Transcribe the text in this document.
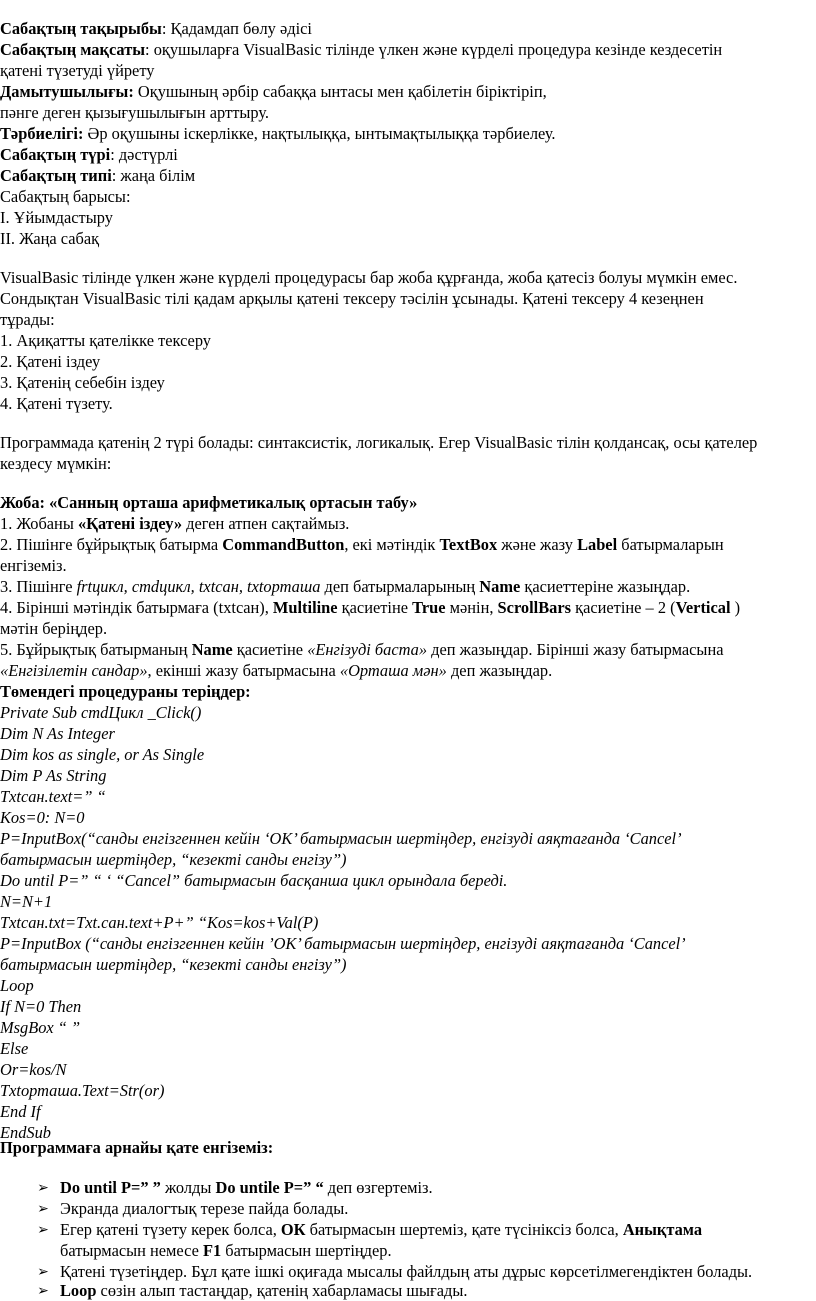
Сабақтың тақырыбы: Қадамдап бөлу әдісі
Сабақтың мақсаты: оқушыларға VisualBasic тілінде үлкен және күрделі процедура кезінде кездесетін
қатені түзетуді үйрету
Дамытушылығы: Оқушының әрбір сабаққа ынтасы мен қабілетін біріктіріп,
пәнге деген қызығушылығын арттыру.
Тәрбиелігі: Әр оқушыны іскерлікке, нақтылыққа, ынтымақтылыққа тәрбиелеу.
Сабақтың түрі: дәстүрлі
Сабақтың типі: жаңа білім
Сабақтың барысы:
І. Ұйымдастыру
ІІ. Жаңа сабақ
VisualBasic тілінде үлкен және күрделі процедурасы бар жоба құрғанда, жоба қатесіз болуы мүмкін емес.
Сондықтан VisualBasic тілі қадам арқылы қатені тексеру тәсілін ұсынады. Қатені тексеру 4 кезеңнен
тұрады:
1. Ақиқатты қателікке тексеру
2. Қатені іздеу
3. Қатенің себебін іздеу
4. Қатені түзету.
Программада қатенің 2 түрі болады: синтаксистік, логикалық. Егер VisualBasic тілін қолдансақ, осы қателер
кездесу мүмкін:
Жоба: «Санның орташа арифметикалық ортасын табу»
1. Жобаны «Қатені іздеу» деген атпен сақтаймыз.
2. Пішінге бұйрықтық батырма CommandButton, екі мәтіндік TextBox және жазу Label батырмаларын
енгіземіз.
3. Пішінге frtцикл, cmdцикл, txtcан, txtорташа деп батырмаларының Name қасиеттеріне жазыңдар.
4. Бірінші мәтіндік батырмаға (txtcан), Multiline қасиетіне True мәнін, ScrollBars қасиетіне – 2 (Vertical )
мәтін беріңдер.
5. Бұйрықтық батырманың Name қасиетіне «Енгізуді баста» деп жазыңдар. Бірінші жазу батырмасына
«Енгізілетін сандар», екінші жазу батырмасына «Орташа мән» деп жазыңдар.
Төмендегі процедураны теріңдер:
Private Sub cmdЦикл _Click()
Dim N As Integer
Dim kos as single, or As Single
Dim P As String
Txtcан.text=” “
Kos=0: N=0
P=InputBox(“санды енгізгеннен кейін ‘OK’ батырмасын шертіңдер, енгізуді аяқтағанда ‘Cancel’
батырмасын шертіңдер, “кезекті санды енгізу”)
Do until P=” “ ‘ “Cancel” батырмасын басқанша цикл орындала береді.
N=N+1
Txtcан.txt=Txt.cан.text+P+” “Kos=kos+Val(P)
P=InputBox (“санды енгізгеннен кейін ’OK’ батырмасын шертіңдер, енгізуді аяқтағанда ‘Cancel’
батырмасын шертіңдер, “кезекті санды енгізу”)
Loop
If N=0 Then
MsgBox “ ”
Else
Or=kos/N
Txtорташа.Text=Str(or)
End If
EndSub
Программаға арнайы қате енгіземіз:
➢ Do until P=” ” жолды Do untile P=” “ деп өзгертеміз.
➢ Экранда диалогтық терезе пайда болады.
➢ Егер қатені түзету керек болса, ОК батырмасын шертеміз, қате түсініксіз болса, Анықтама
батырмасын немесе F1 батырмасын шертіңдер.
➢ Қатені түзетіңдер. Бұл қате ішкі оқиғада мысалы файлдың аты дұрыс көрсетілмегендіктен болады.
➢ Loop сөзін алып тастаңдар, қатенің хабарламасы шығады.
